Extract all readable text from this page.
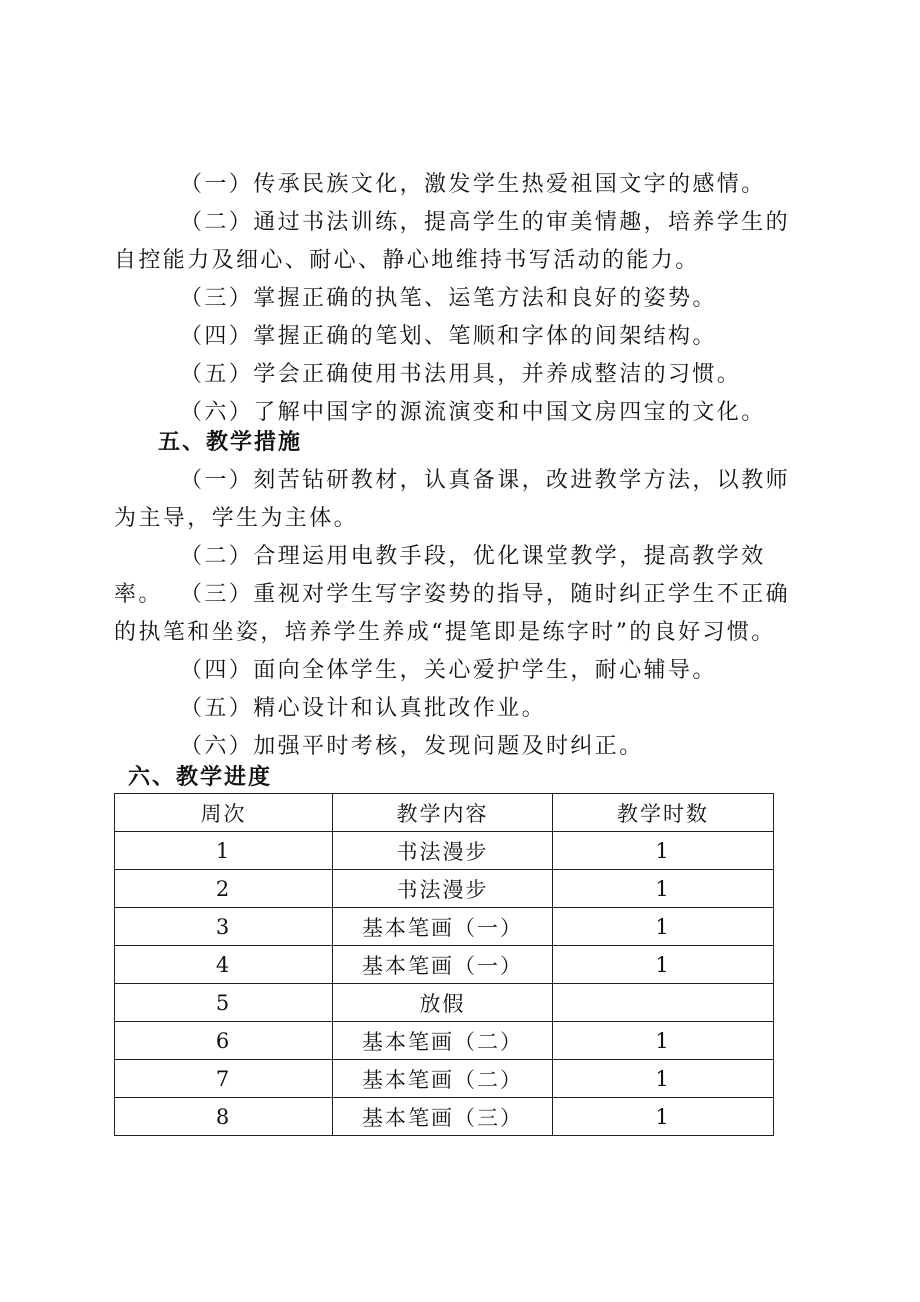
（一）传承民族文化，激发学生热爱祖国文字的感情。
（二）通过书法训练，提高学生的审美情趣，培养学生的自控能力及细心、耐心、静心地维持书写活动的能力。
（三）掌握正确的执笔、运笔方法和良好的姿势。
（四）掌握正确的笔划、笔顺和字体的间架结构。
（五）学会正确使用书法用具，并养成整洁的习惯。
（六）了解中国字的源流演变和中国文房四宝的文化。
五、教学措施
（一）刻苦钻研教材，认真备课，改进教学方法，以教师为主导，学生为主体。
（二）合理运用电教手段，优化课堂教学，提高教学效率。 （三）重视对学生写字姿势的指导，随时纠正学生不正确的执笔和坐姿，培养学生养成“提笔即是练字时”的良好习惯。
（四）面向全体学生，关心爱护学生，耐心辅导。
（五）精心设计和认真批改作业。
（六）加强平时考核，发现问题及时纠正。
六、教学进度
周次	教学内容	教学时数
1	书法漫步	1
2	书法漫步	1
3	基本笔画（一）	1
4	基本笔画（一）	1
5	放假	
6	基本笔画（二）	1
7	基本笔画（二）	1
8	基本笔画（三）	1
